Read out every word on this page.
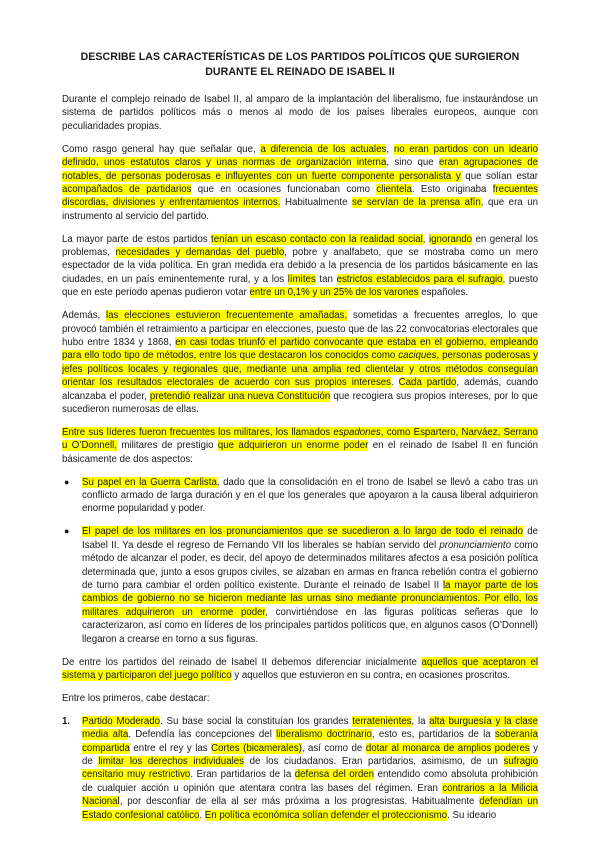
DESCRIBE LAS CARACTERÍSTICAS DE LOS PARTIDOS POLÍTICOS QUE SURGIERON DURANTE EL REINADO DE ISABEL II

Durante el complejo reinado de Isabel II, al amparo de la implantación del liberalismo, fue instaurándose un sistema de partidos políticos más o menos al modo de los países liberales europeos, aunque con peculiaridades propias.

Como rasgo general hay que señalar que, a diferencia de los actuales, no eran partidos con un ideario definido, unos estatutos claros y unas normas de organización interna, sino que eran agrupaciones de notables, de personas poderosas e influyentes con un fuerte componente personalista y que solían estar acompañados de partidarios que en ocasiones funcionaban como clientela. Esto originaba frecuentes discordias, divisiones y enfrentamientos internos. Habitualmente se servían de la prensa afín, que era un instrumento al servicio del partido.

La mayor parte de estos partidos tenían un escaso contacto con la realidad social, ignorando en general los problemas, necesidades y demandas del pueblo, pobre y analfabeto, que se mostraba como un mero espectador de la vida política. En gran medida era debido a la presencia de los partidos básicamente en las ciudades, en un país eminentemente rural, y a los límites tan estrictos establecidos para el sufragio, puesto que en este periodo apenas pudieron votar entre un 0,1% y un 25% de los varones españoles.

Además, las elecciones estuvieron frecuentemente amañadas, sometidas a frecuentes arreglos, lo que provocó también el retraimiento a participar en elecciones, puesto que de las 22 convocatorias electorales que hubo entre 1834 y 1868, en casi todas triunfó el partido convocante que estaba en el gobierno, empleando para ello todo tipo de métodos, entre los que destacaron los conocidos como caciques, personas poderosas y jefes políticos locales y regionales que, mediante una amplia red clientelar y otros métodos conseguían orientar los resultados electorales de acuerdo con sus propios intereses. Cada partido, además, cuando alcanzaba el poder, pretendió realizar una nueva Constitución que recogiera sus propios intereses, por lo que sucedieron numerosas de ellas.

Entre sus líderes fueron frecuentes los militares, los llamados espadones, como Espartero, Narváez, Serrano u O’Donnell, militares de prestigio que adquirieron un enorme poder en el reinado de Isabel II en función básicamente de dos aspectos:

● Su papel en la Guerra Carlista, dado que la consolidación en el trono de Isabel se llevó a cabo tras un conflicto armado de larga duración y en el que los generales que apoyaron a la causa liberal adquirieron enorme popularidad y poder.
● El papel de los militares en los pronunciamientos que se sucedieron a lo largo de todo el reinado de Isabel II. Ya desde el regreso de Fernando VII los liberales se habían servido del pronunciamiento como método de alcanzar el poder, es decir, del apoyo de determinados militares afectos a esa posición política determinada que, junto a esos grupos civiles, se alzaban en armas en franca rebelión contra el gobierno de turno para cambiar el orden político existente. Durante el reinado de Isabel II la mayor parte de los cambios de gobierno no se hicieron mediante las urnas sino mediante pronunciamientos. Por ello, los militares adquirieron un enorme poder, convirtiéndose en las figuras políticas señeras que lo caracterizaron, así como en líderes de los principales partidos políticos que, en algunos casos (O’Donnell) llegaron a crearse en torno a sus figuras.

De entre los partidos del reinado de Isabel II debemos diferenciar inicialmente aquellos que aceptaron el sistema y participaron del juego político y aquellos que estuvieron en su contra, en ocasiones proscritos.

Entre los primeros, cabe destacar:

1. Partido Moderado. Su base social la constituían los grandes terratenientes, la alta burguesía y la clase media alta. Defendía las concepciones del liberalismo doctrinario, esto es, partidarios de la soberanía compartida entre el rey y las Cortes (bicamerales), así como de dotar al monarca de amplios poderes y de limitar los derechos individuales de los ciudadanos. Eran partidarios, asimismo, de un sufragio censitario muy restrictivo. Eran partidarios de la defensa del orden entendido como absoluta prohibición de cualquier acción u opinión que atentara contra las bases del régimen. Eran contrarios a la Milicia Nacional, por desconfiar de ella al ser más próxima a los progresistas. Habitualmente defendían un Estado confesional católico. En política económica solían defender el proteccionismo. Su ideario
